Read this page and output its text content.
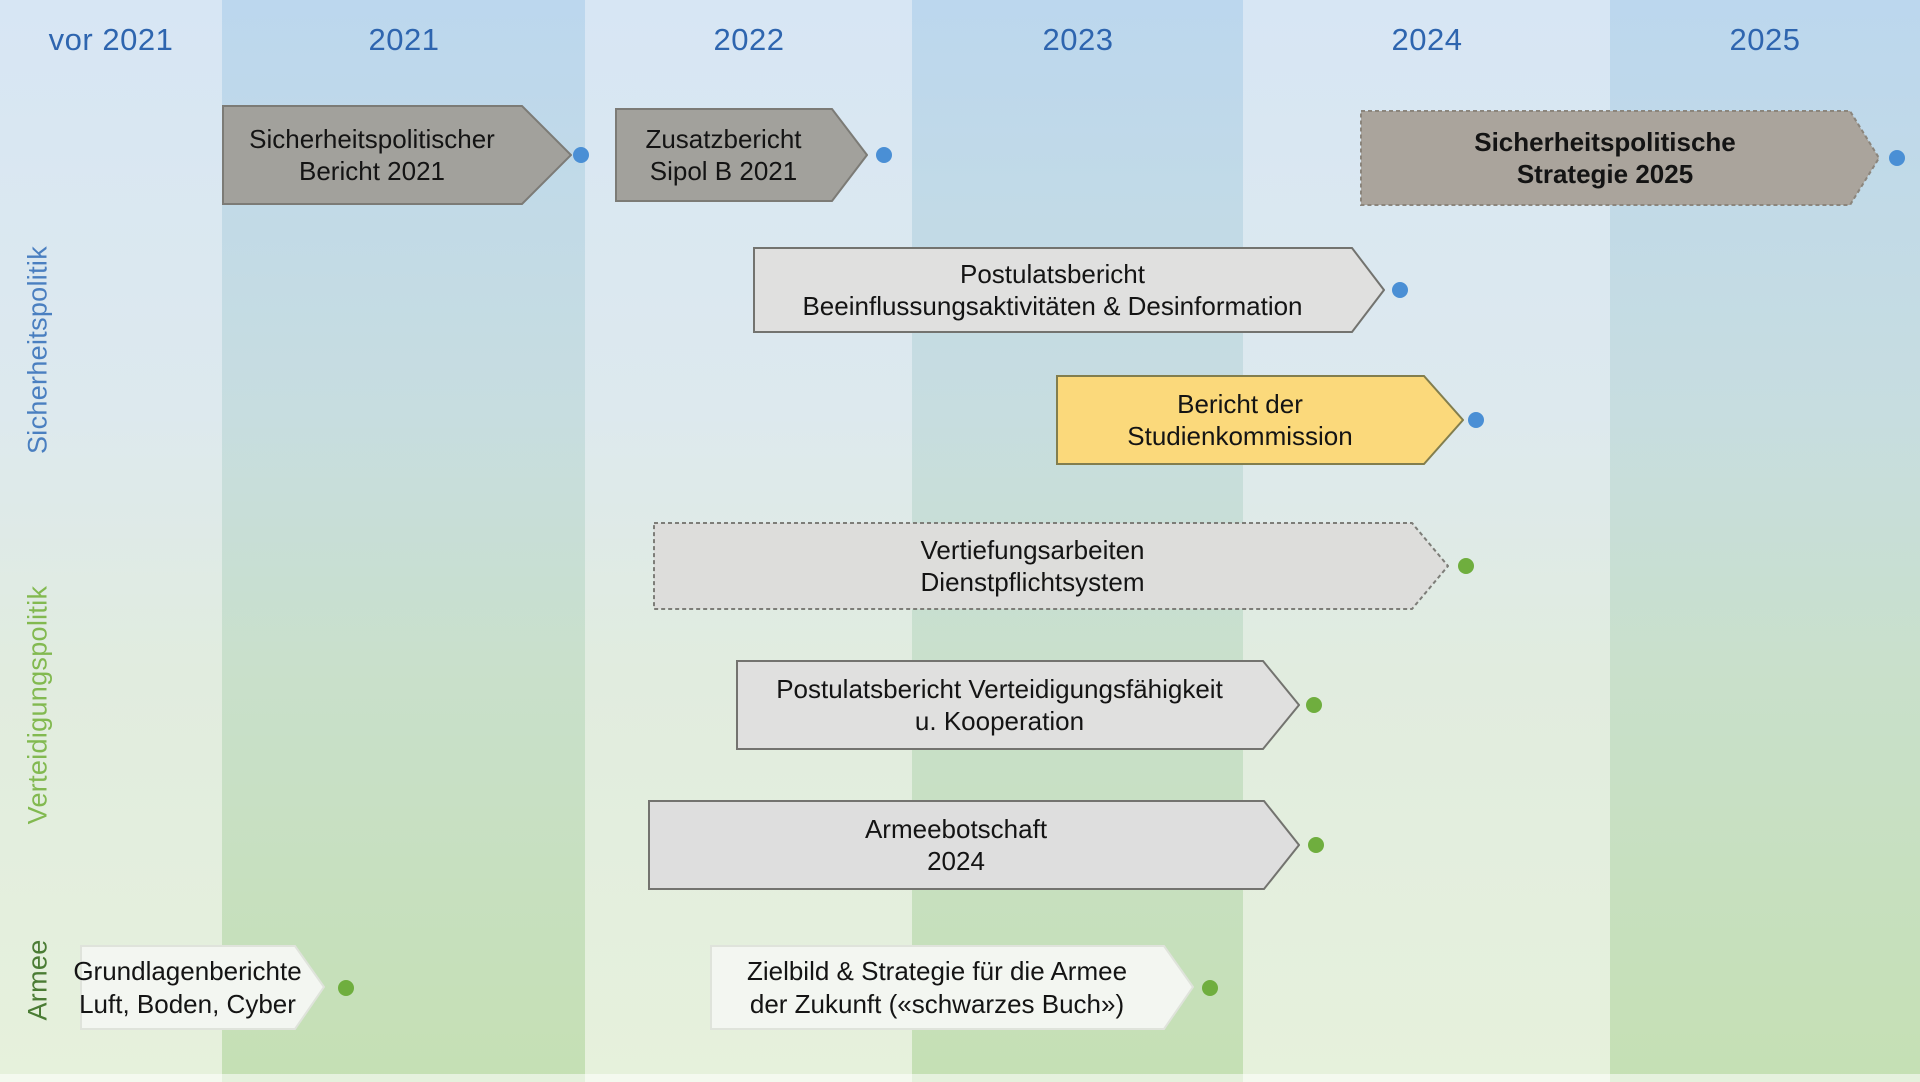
vor 2021	2021	2022	2023	2024	2025
Sicherheitspolitik
Verteidigungspolitik
Armee
Sicherheitspolitischer
Bericht 2021
Zusatzbericht
Sipol B 2021
Sicherheitspolitische
Strategie 2025
Postulatsbericht
Beeinflussungsaktivitäten & Desinformation
Bericht der
Studienkommission
Vertiefungsarbeiten
Dienstpflichtsystem
Postulatsbericht Verteidigungsfähigkeit
u. Kooperation
Armeebotschaft
2024
Grundlagenberichte
Luft, Boden, Cyber
Zielbild & Strategie für die Armee
der Zukunft («schwarzes Buch»)
